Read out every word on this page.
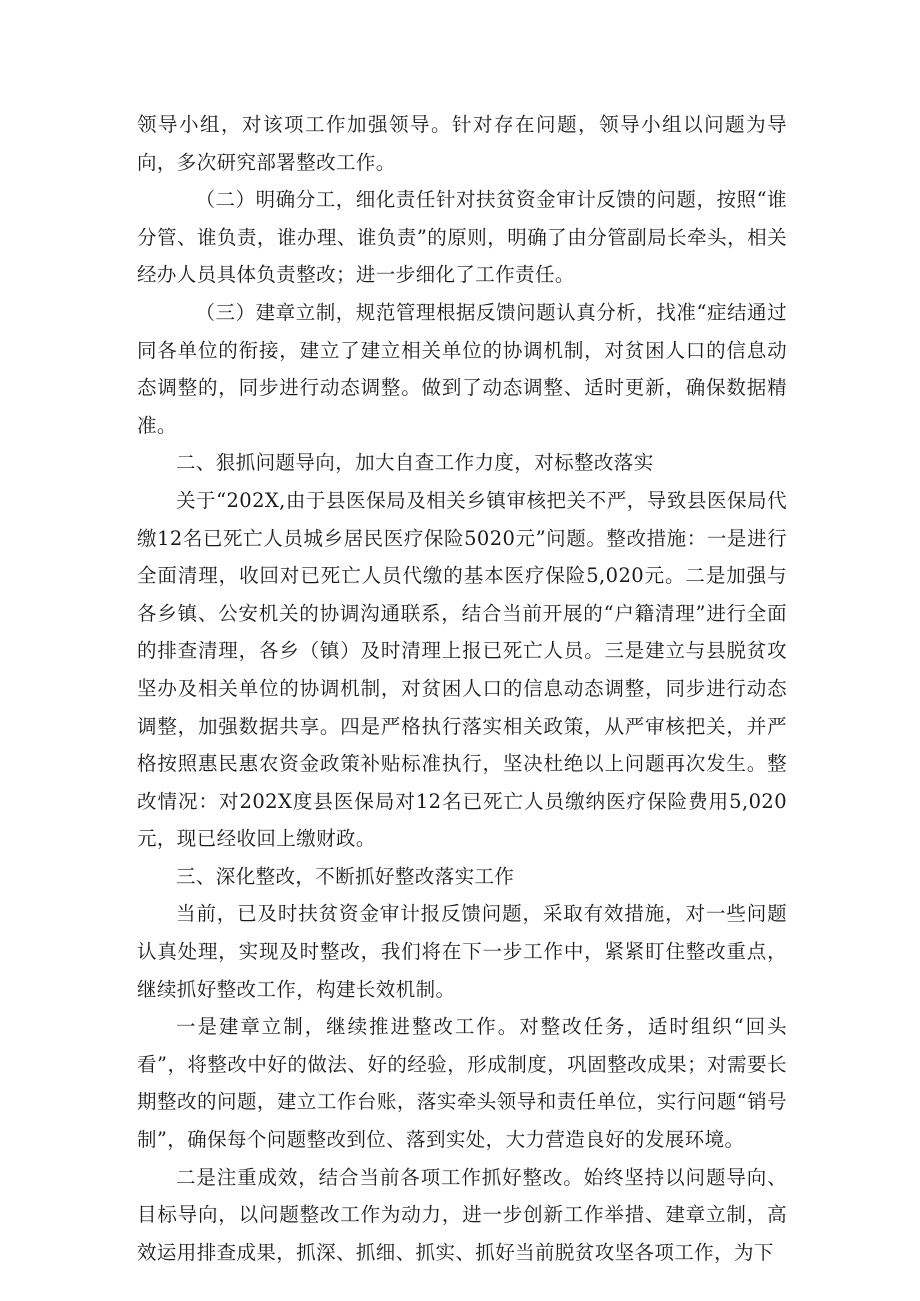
领导小组，对该项工作加强领导。针对存在问题，领导小组以问题为导向，多次研究部署整改工作。

（二）明确分工，细化责任针对扶贫资金审计反馈的问题，按照“谁分管、谁负责，谁办理、谁负责”的原则，明确了由分管副局长牵头，相关经办人员具体负责整改；进一步细化了工作责任。

（三）建章立制，规范管理根据反馈问题认真分析，找准“症结通过同各单位的衔接，建立了建立相关单位的协调机制，对贫困人口的信息动态调整的，同步进行动态调整。做到了动态调整、适时更新，确保数据精准。

二、狠抓问题导向，加大自查工作力度，对标整改落实

关于“202X,由于县医保局及相关乡镇审核把关不严，导致县医保局代缴12名已死亡人员城乡居民医疗保险5020元”问题。整改措施：一是进行全面清理，收回对已死亡人员代缴的基本医疗保险5,020元。二是加强与各乡镇、公安机关的协调沟通联系，结合当前开展的“户籍清理”进行全面的排查清理，各乡（镇）及时清理上报已死亡人员。三是建立与县脱贫攻坚办及相关单位的协调机制，对贫困人口的信息动态调整，同步进行动态调整，加强数据共享。四是严格执行落实相关政策，从严审核把关，并严格按照惠民惠农资金政策补贴标准执行，坚决杜绝以上问题再次发生。整改情况：对202X度县医保局对12名已死亡人员缴纳医疗保险费用5,020元，现已经收回上缴财政。

三、深化整改，不断抓好整改落实工作

当前，已及时扶贫资金审计报反馈问题，采取有效措施，对一些问题认真处理，实现及时整改，我们将在下一步工作中，紧紧盯住整改重点，继续抓好整改工作，构建长效机制。

一是建章立制，继续推进整改工作。对整改任务，适时组织“回头看”，将整改中好的做法、好的经验，形成制度，巩固整改成果；对需要长期整改的问题，建立工作台账，落实牵头领导和责任单位，实行问题“销号制”，确保每个问题整改到位、落到实处，大力营造良好的发展环境。

二是注重成效，结合当前各项工作抓好整改。始终坚持以问题导向、目标导向，以问题整改工作为动力，进一步创新工作举措、建章立制，高效运用排查成果，抓深、抓细、抓实、抓好当前脱贫攻坚各项工作，为下
